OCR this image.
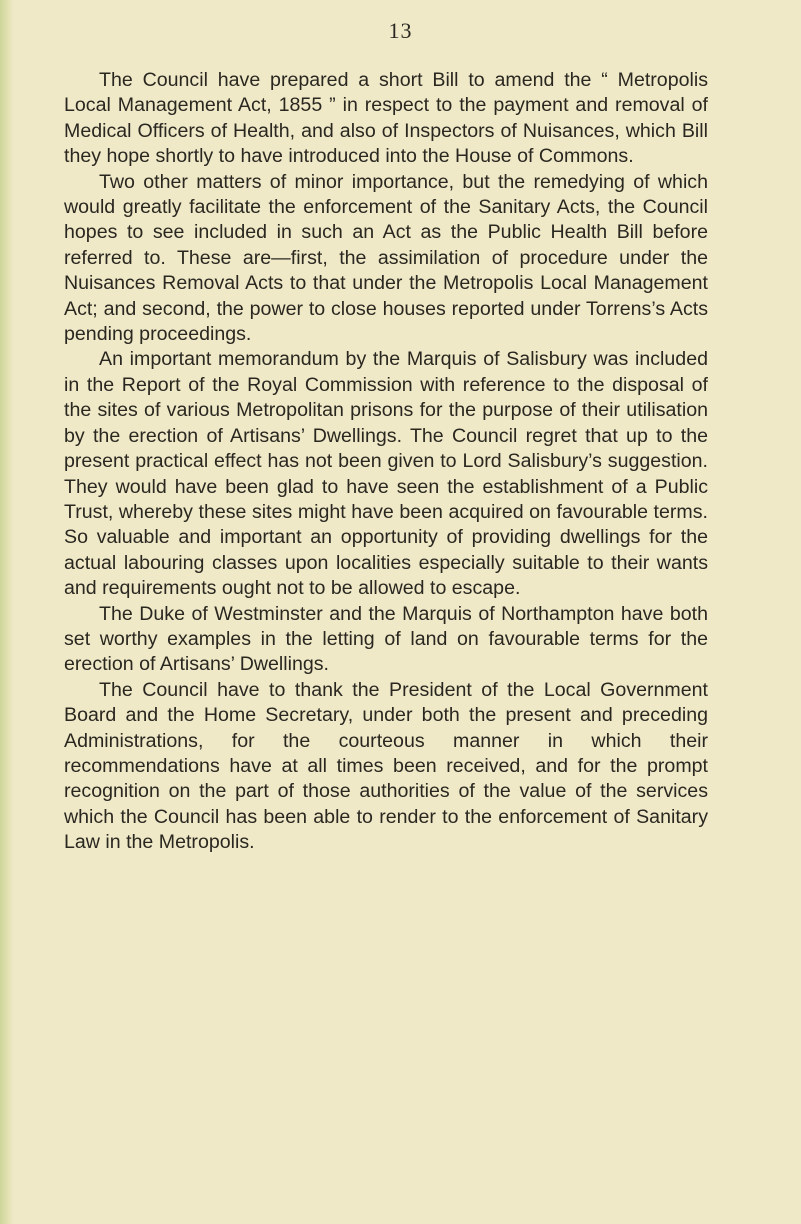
13

The Council have prepared a short Bill to amend the “ Metropolis Local Management Act, 1855 ” in respect to the payment and removal of Medical Officers of Health, and also of Inspectors of Nuisances, which Bill they hope shortly to have introduced into the House of Commons.

Two other matters of minor importance, but the remedying of which would greatly facilitate the enforcement of the Sanitary Acts, the Council hopes to see included in such an Act as the Public Health Bill before referred to. These are—first, the assimilation of procedure under the Nuisances Removal Acts to that under the Metropolis Local Management Act; and second, the power to close houses reported under Torrens’s Acts pending proceedings.

An important memorandum by the Marquis of Salisbury was included in the Report of the Royal Commission with reference to the disposal of the sites of various Metropolitan prisons for the purpose of their utilisation by the erection of Artisans’ Dwellings. The Council regret that up to the present practical effect has not been given to Lord Salisbury’s suggestion. They would have been glad to have seen the establishment of a Public Trust, whereby these sites might have been acquired on favourable terms. So valuable and important an opportunity of providing dwellings for the actual labouring classes upon localities especially suitable to their wants and requirements ought not to be allowed to escape.

The Duke of Westminster and the Marquis of Northampton have both set worthy examples in the letting of land on favourable terms for the erection of Artisans’ Dwellings.

The Council have to thank the President of the Local Government Board and the Home Secretary, under both the present and preceding Administrations, for the courteous manner in which their recommendations have at all times been received, and for the prompt recognition on the part of those authorities of the value of the services which the Council has been able to render to the enforcement of Sanitary Law in the Metropolis.
